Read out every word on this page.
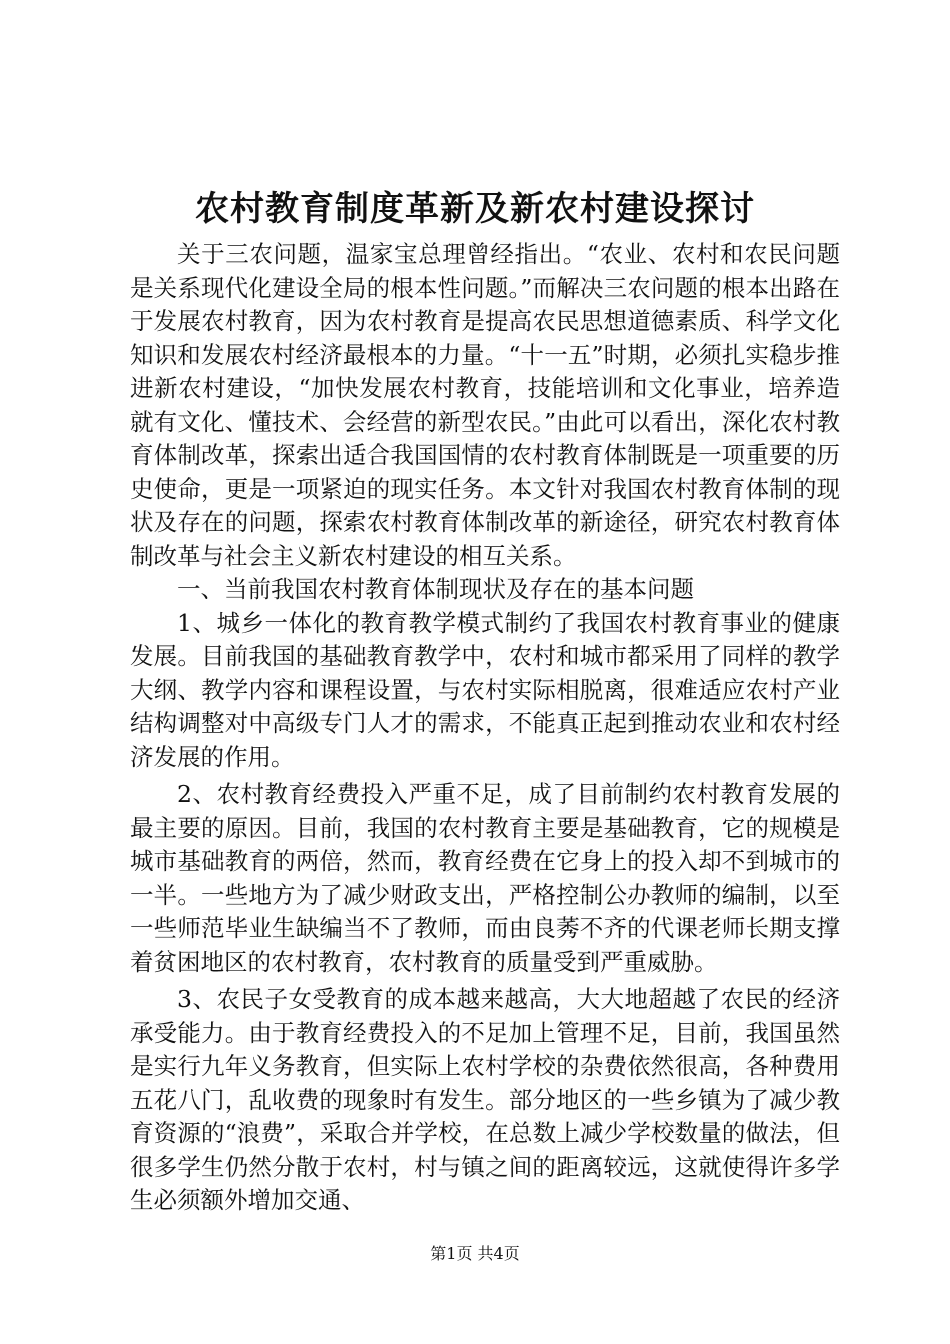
农村教育制度革新及新农村建设探讨

关于三农问题，温家宝总理曾经指出。“农业、农村和农民问题是关系现代化建设全局的根本性问题。”而解决三农问题的根本出路在于发展农村教育，因为农村教育是提高农民思想道德素质、科学文化知识和发展农村经济最根本的力量。“十一五”时期，必须扎实稳步推进新农村建设，“加快发展农村教育，技能培训和文化事业，培养造就有文化、懂技术、会经营的新型农民。”由此可以看出，深化农村教育体制改革，探索出适合我国国情的农村教育体制既是一项重要的历史使命，更是一项紧迫的现实任务。本文针对我国农村教育体制的现状及存在的问题，探索农村教育体制改革的新途径，研究农村教育体制改革与社会主义新农村建设的相互关系。

一、当前我国农村教育体制现状及存在的基本问题

1、城乡一体化的教育教学模式制约了我国农村教育事业的健康发展。目前我国的基础教育教学中，农村和城市都采用了同样的教学大纲、教学内容和课程设置，与农村实际相脱离，很难适应农村产业结构调整对中高级专门人才的需求，不能真正起到推动农业和农村经济发展的作用。

2、农村教育经费投入严重不足，成了目前制约农村教育发展的最主要的原因。目前，我国的农村教育主要是基础教育，它的规模是城市基础教育的两倍，然而，教育经费在它身上的投入却不到城市的一半。一些地方为了减少财政支出，严格控制公办教师的编制，以至一些师范毕业生缺编当不了教师，而由良莠不齐的代课老师长期支撑着贫困地区的农村教育，农村教育的质量受到严重威胁。

3、农民子女受教育的成本越来越高，大大地超越了农民的经济承受能力。由于教育经费投入的不足加上管理不足，目前，我国虽然是实行九年义务教育，但实际上农村学校的杂费依然很高，各种费用五花八门，乱收费的现象时有发生。部分地区的一些乡镇为了减少教育资源的“浪费”，采取合并学校，在总数上减少学校数量的做法，但很多学生仍然分散于农村，村与镇之间的距离较远，这就使得许多学生必须额外增加交通、

第1页 共4页
